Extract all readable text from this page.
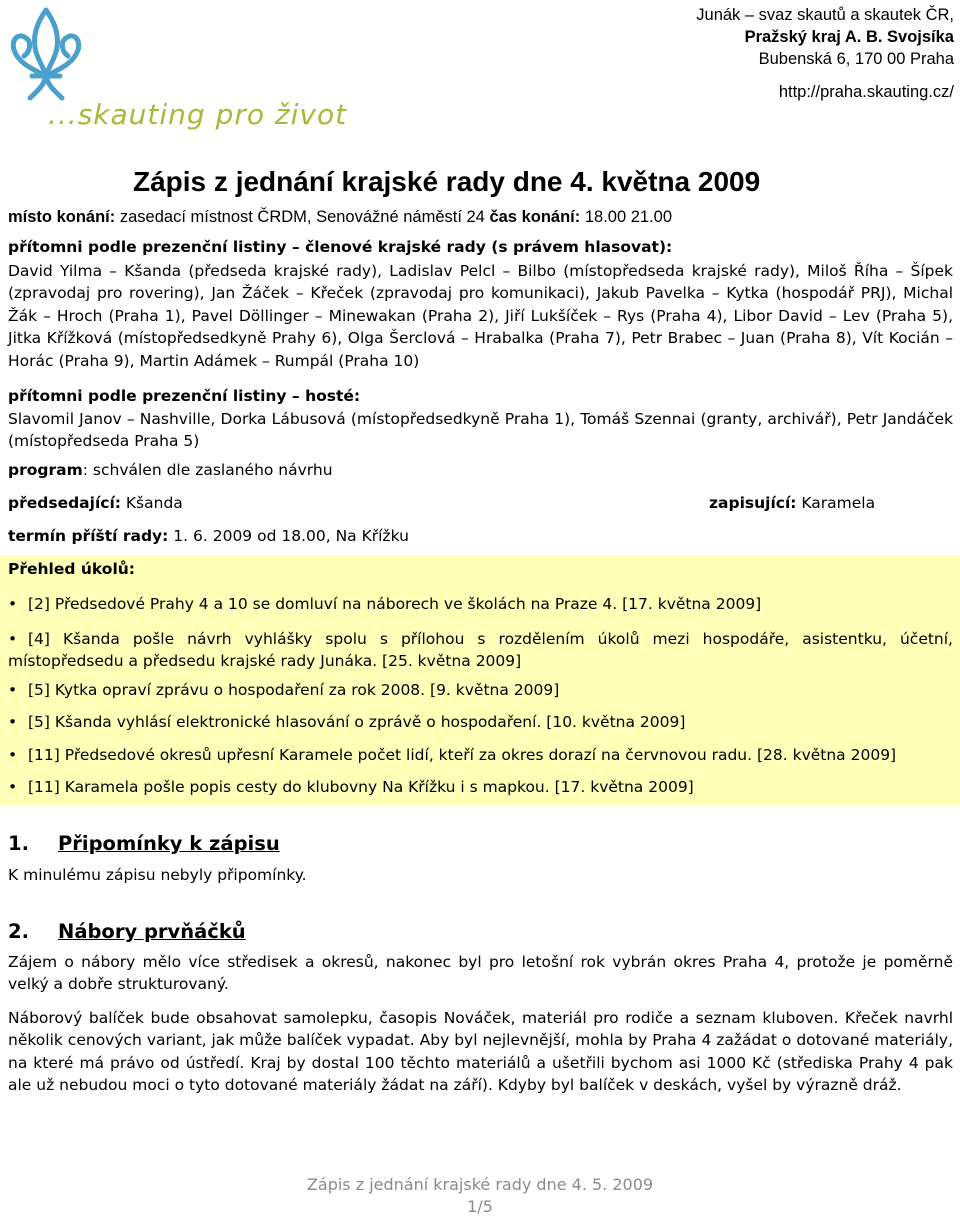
...skauting pro život
Junák – svaz skautů a skautek ČR,
Pražský kraj A. B. Svojsíka
Bubenská 6, 170 00 Praha
http://praha.skauting.cz/
Zápis z jednání krajské rady dne 4. května 2009
místo konání: zasedací místnost ČRDM, Senovážné náměstí 24 čas konání: 18.00 21.00
přítomni podle prezenční listiny – členové krajské rady (s právem hlasovat):
David Yilma – Kšanda (předseda krajské rady), Ladislav Pelcl – Bilbo (místopředseda krajské rady), Miloš Říha – Šípek (zpravodaj pro rovering), Jan Žáček – Křeček (zpravodaj pro komunikaci), Jakub Pavelka – Kytka (hospodář PRJ), Michal Žák – Hroch (Praha 1), Pavel Döllinger – Minewakan (Praha 2), Jiří Lukšíček – Rys (Praha 4), Libor David – Lev (Praha 5), Jitka Křížková (místopředsedkyně Prahy 6), Olga Šerclová – Hrabalka (Praha 7), Petr Brabec – Juan (Praha 8), Vít Kocián – Horác (Praha 9), Martin Adámek – Rumpál (Praha 10)
přítomni podle prezenční listiny – hosté:
Slavomil Janov – Nashville, Dorka Lábusová (místopředsedkyně Praha 1), Tomáš Szennai (granty, archivář), Petr Jandáček (místopředseda Praha 5)
program: schválen dle zaslaného návrhu
předsedající: Kšanda	zapisující: Karamela
termín příští rady: 1. 6. 2009 od 18.00, Na Křížku
Přehled úkolů:
• [2] Předsedové Prahy 4 a 10 se domluví na náborech ve školách na Praze 4. [17. května 2009]
• [4] Kšanda pošle návrh vyhlášky spolu s přílohou s rozdělením úkolů mezi hospodáře, asistentku, účetní, místopředsedu a předsedu krajské rady Junáka. [25. května 2009]
• [5] Kytka opraví zprávu o hospodaření za rok 2008. [9. května 2009]
• [5] Kšanda vyhlásí elektronické hlasování o zprávě o hospodaření. [10. května 2009]
• [11] Předsedové okresů upřesní Karamele počet lidí, kteří za okres dorazí na červnovou radu. [28. května 2009]
• [11] Karamela pošle popis cesty do klubovny Na Křížku i s mapkou. [17. května 2009]
1. Připomínky k zápisu
K minulému zápisu nebyly připomínky.
2. Nábory prvňáčků
Zájem o nábory mělo více středisek a okresů, nakonec byl pro letošní rok vybrán okres Praha 4, protože je poměrně velký a dobře strukturovaný.
Náborový balíček bude obsahovat samolepku, časopis Nováček, materiál pro rodiče a seznam kluboven. Křeček navrhl několik cenových variant, jak může balíček vypadat. Aby byl nejlevnější, mohla by Praha 4 zažádat o dotované materiály, na které má právo od ústředí. Kraj by dostal 100 těchto materiálů a ušetřili bychom asi 1000 Kč (střediska Prahy 4 pak ale už nebudou moci o tyto dotované materiály žádat na září). Kdyby byl balíček v deskách, vyšel by výrazně dráž.
Zápis z jednání krajské rady dne 4. 5. 2009
1/5
